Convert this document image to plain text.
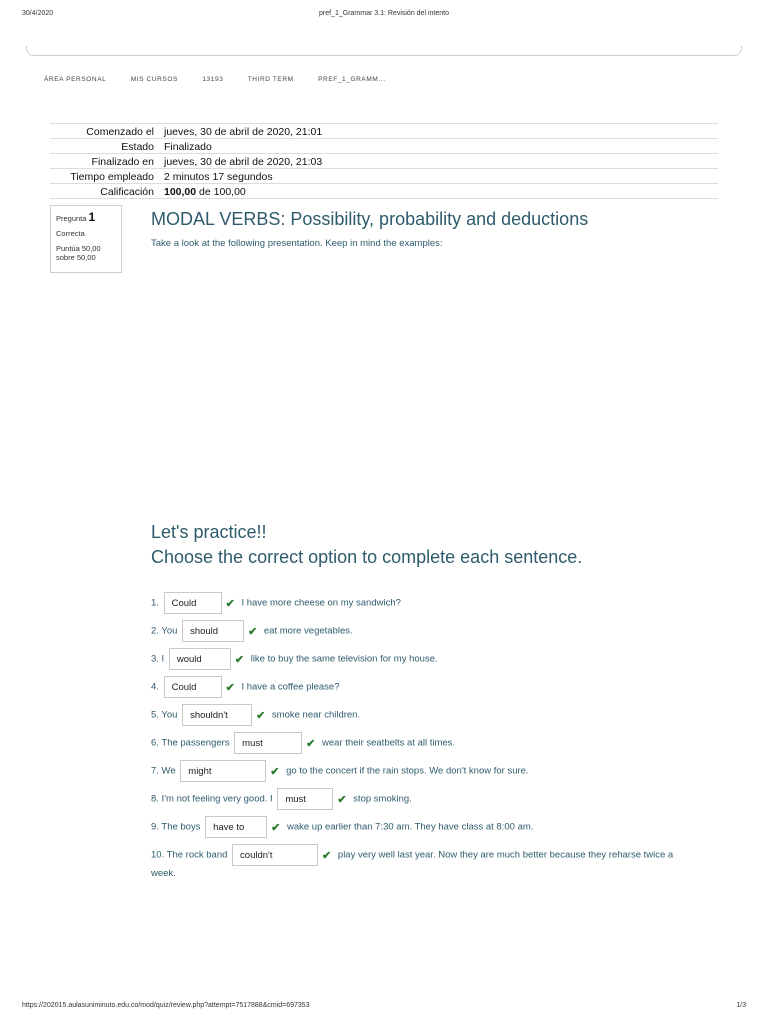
30/4/2020	pref_1_Grammar 3.1: Revisión del intento
ÁREA PERSONAL	MIS CURSOS	13193	THIRD TERM	PREF_1_GRAMM...
Comenzado el	jueves, 30 de abril de 2020, 21:01
Estado	Finalizado
Finalizado en	jueves, 30 de abril de 2020, 21:03
Tiempo empleado	2 minutos 17 segundos
Calificación	100,00 de 100,00
Pregunta 1
Correcta
Puntúa 50,00 sobre 50,00
MODAL VERBS: Possibility, probability and deductions
Take a look at the following presentation. Keep in mind the examples:
Let's practice!!
Choose the correct option to complete each sentence.
1. Could	✔ I have more cheese on my sandwich?
2. You should	✔ eat more vegetables.
3. I would	✔ like to buy the same television for my house.
4. Could	✔ I have a coffee please?
5. You shouldn't	✔ smoke near children.
6. The passengers must	✔ wear their seatbelts at all times.
7. We might	✔ go to the concert if the rain stops. We don't know for sure.
8. I'm not feeling very good. I must	✔ stop smoking.
9. The boys have to ✔ wake up earlier than 7:30 am. They have class at 8:00 am.
10. The rock band couldn't	✔ play very well last year. Now they are much better because they reharse twice a
week.
https://202015.aulasuniminuto.edu.co/mod/quiz/review.php?attempt=7517888&cmid=697353	1/3
